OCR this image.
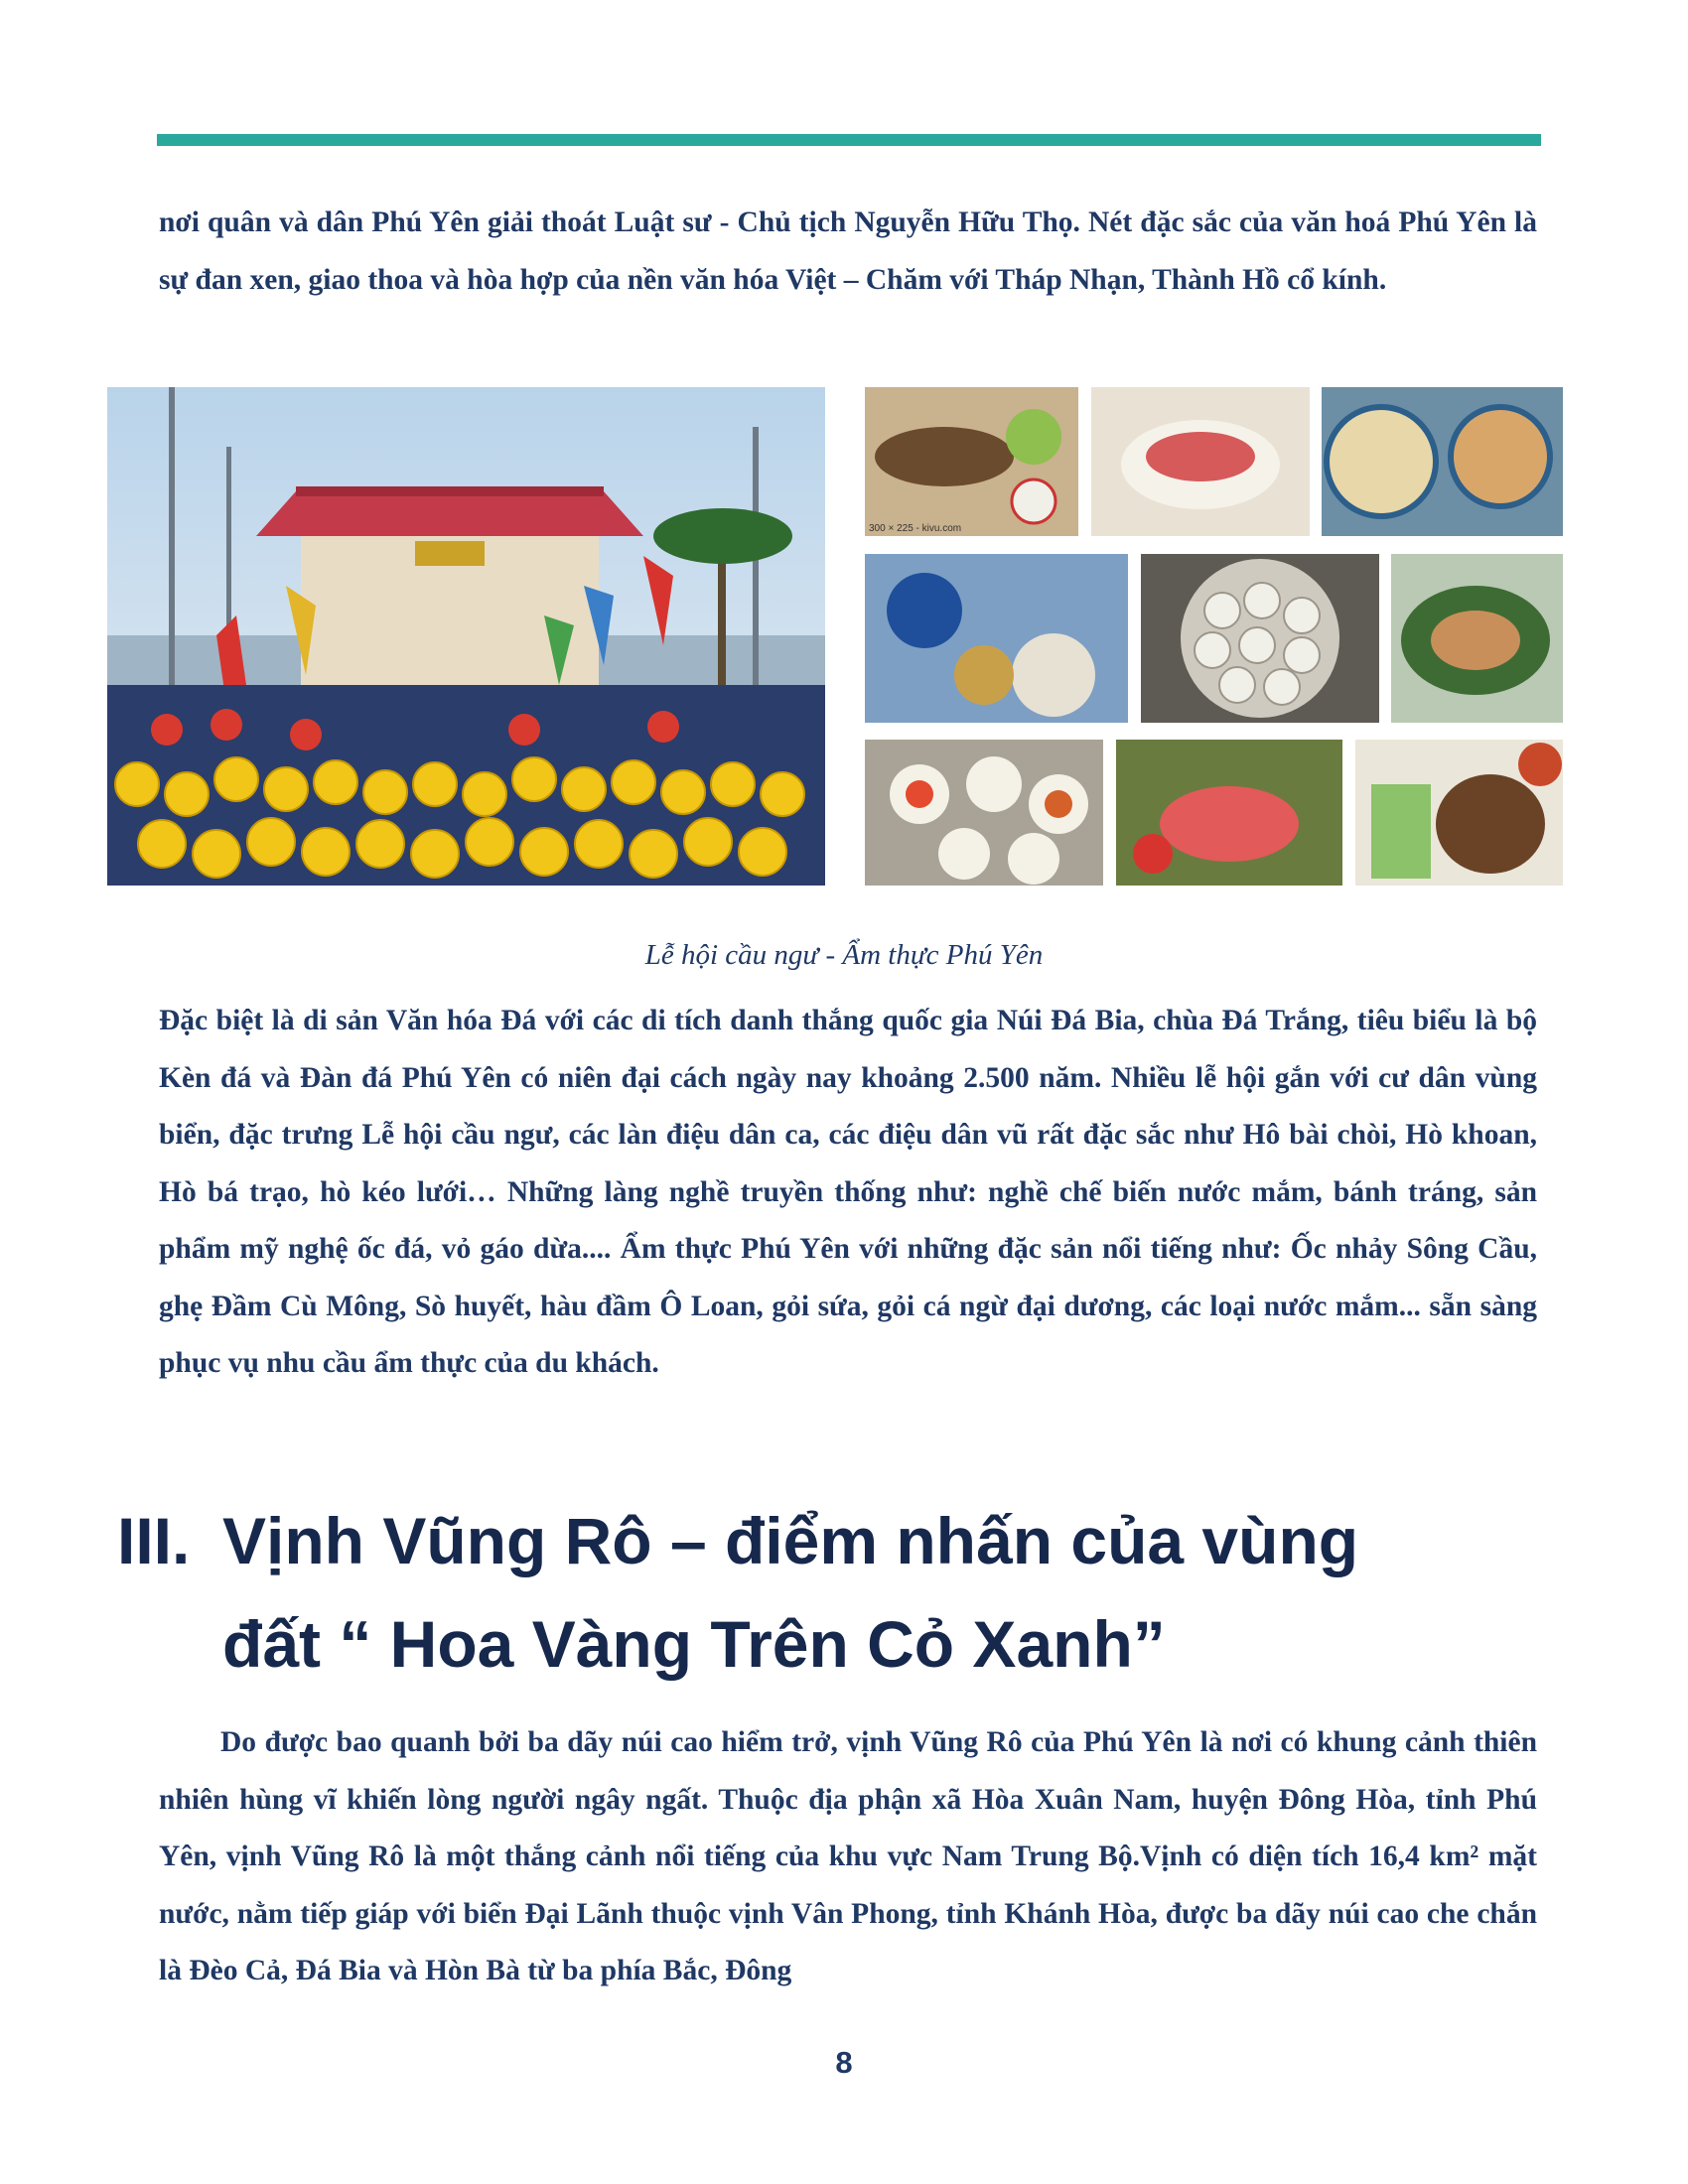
nơi quân và dân Phú Yên giải thoát Luật sư - Chủ tịch Nguyễn Hữu Thọ. Nét đặc sắc của văn hoá Phú Yên là sự đan xen, giao thoa và hòa hợp của nền văn hóa Việt – Chăm với Tháp Nhạn, Thành Hồ cổ kính.

300 × 225 - kivu.com

Lễ hội cầu ngư - Ẩm thực Phú Yên

Đặc biệt là di sản Văn hóa Đá với các di tích danh thắng quốc gia Núi Đá Bia, chùa Đá Trắng, tiêu biểu là bộ Kèn đá và Đàn đá Phú Yên có niên đại cách ngày nay khoảng 2.500 năm. Nhiều lễ hội gắn với cư dân vùng biển, đặc trưng Lễ hội cầu ngư, các làn điệu dân ca, các điệu dân vũ rất đặc sắc như Hô bài chòi, Hò khoan, Hò bá trạo, hò kéo lưới… Những làng nghề truyền thống như: nghề chế biến nước mắm, bánh tráng, sản phẩm mỹ nghệ ốc đá, vỏ gáo dừa.... Ẩm thực Phú Yên với những đặc sản nổi tiếng như: Ốc nhảy Sông Cầu, ghẹ Đầm Cù Mông, Sò huyết, hàu đầm Ô Loan, gỏi sứa, gỏi cá ngừ đại dương, các loại nước mắm... sẵn sàng phục vụ nhu cầu ẩm thực của du khách.

III. Vịnh Vũng Rô – điểm nhấn của vùng
đất “ Hoa Vàng Trên Cỏ Xanh”

Do được bao quanh bởi ba dãy núi cao hiểm trở, vịnh Vũng Rô của Phú Yên là nơi có khung cảnh thiên nhiên hùng vĩ khiến lòng người ngây ngất. Thuộc địa phận xã Hòa Xuân Nam, huyện Đông Hòa, tỉnh Phú Yên, vịnh Vũng Rô là một thắng cảnh nổi tiếng của khu vực Nam Trung Bộ.Vịnh có diện tích 16,4 km² mặt nước, nằm tiếp giáp với biển Đại Lãnh thuộc vịnh Vân Phong, tỉnh Khánh Hòa, được ba dãy núi cao che chắn là Đèo Cả, Đá Bia và Hòn Bà từ ba phía Bắc, Đông

8
